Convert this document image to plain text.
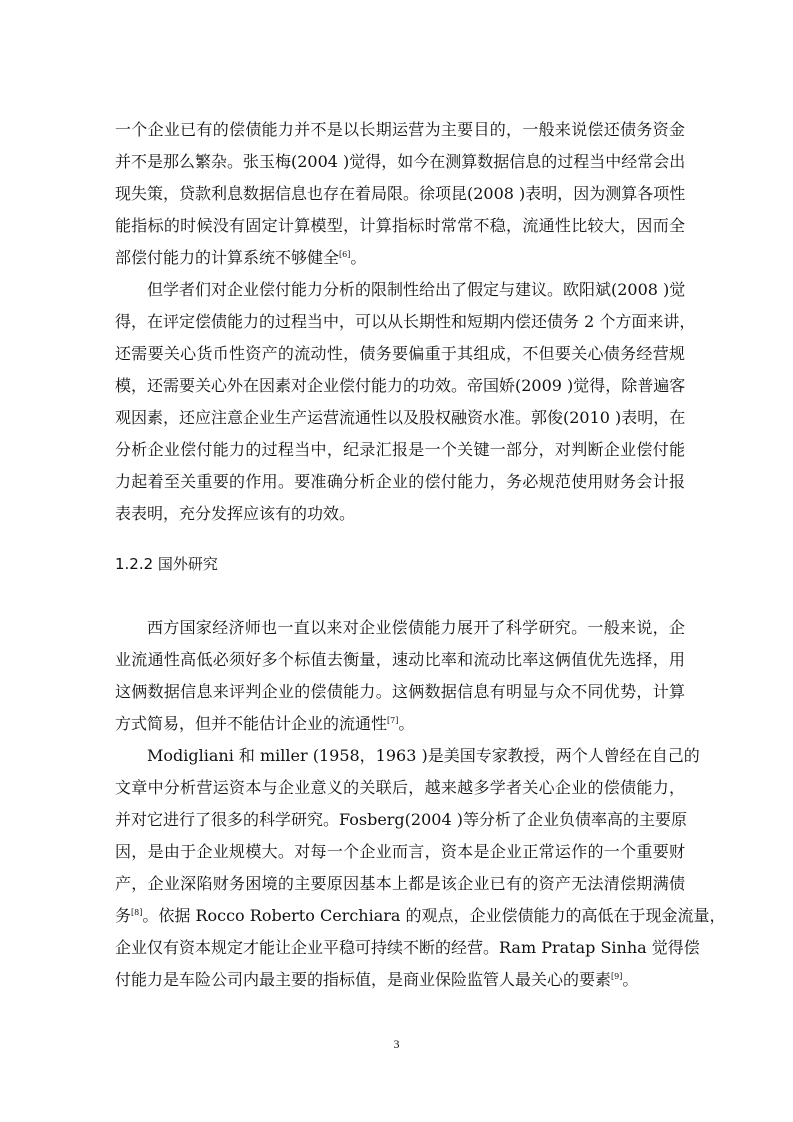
一个企业已有的偿债能力并不是以长期运营为主要目的，一般来说偿还债务资金
并不是那么繁杂。张玉梅(2004 )觉得，如今在测算数据信息的过程当中经常会出
现失策，贷款利息数据信息也存在着局限。徐项昆(2008 )表明，因为测算各项性
能指标的时候没有固定计算模型，计算指标时常常不稳，流通性比较大，因而全
部偿付能力的计算系统不够健全[6]。
但学者们对企业偿付能力分析的限制性给出了假定与建议。欧阳斌(2008 )觉
得，在评定偿债能力的过程当中，可以从长期性和短期内偿还债务 2 个方面来讲，
还需要关心货币性资产的流动性，债务要偏重于其组成，不但要关心债务经营规
模，还需要关心外在因素对企业偿付能力的功效。帝国娇(2009 )觉得，除普遍客
观因素，还应注意企业生产运营流通性以及股权融资水准。郭俊(2010 )表明，在
分析企业偿付能力的过程当中，纪录汇报是一个关键一部分，对判断企业偿付能
力起着至关重要的作用。要准确分析企业的偿付能力，务必规范使用财务会计报
表表明，充分发挥应该有的功效。
1.2.2 国外研究
西方国家经济师也一直以来对企业偿债能力展开了科学研究。一般来说，企
业流通性高低必须好多个标值去衡量，速动比率和流动比率这俩值优先选择，用
这俩数据信息来评判企业的偿债能力。这俩数据信息有明显与众不同优势，计算
方式简易，但并不能估计企业的流通性[7]。
Modigliani 和 miller (1958，1963 )是美国专家教授，两个人曾经在自己的
文章中分析营运资本与企业意义的关联后，越来越多学者关心企业的偿债能力，
并对它进行了很多的科学研究。Fosberg(2004 )等分析了企业负债率高的主要原
因，是由于企业规模大。对每一个企业而言，资本是企业正常运作的一个重要财
产，企业深陷财务困境的主要原因基本上都是该企业已有的资产无法清偿期满债
务[8]。依据 Rocco Roberto Cerchiara 的观点，企业偿债能力的高低在于现金流量，
企业仅有资本规定才能让企业平稳可持续不断的经营。Ram Pratap Sinha 觉得偿
付能力是车险公司内最主要的指标值，是商业保险监管人最关心的要素[9]。
3
